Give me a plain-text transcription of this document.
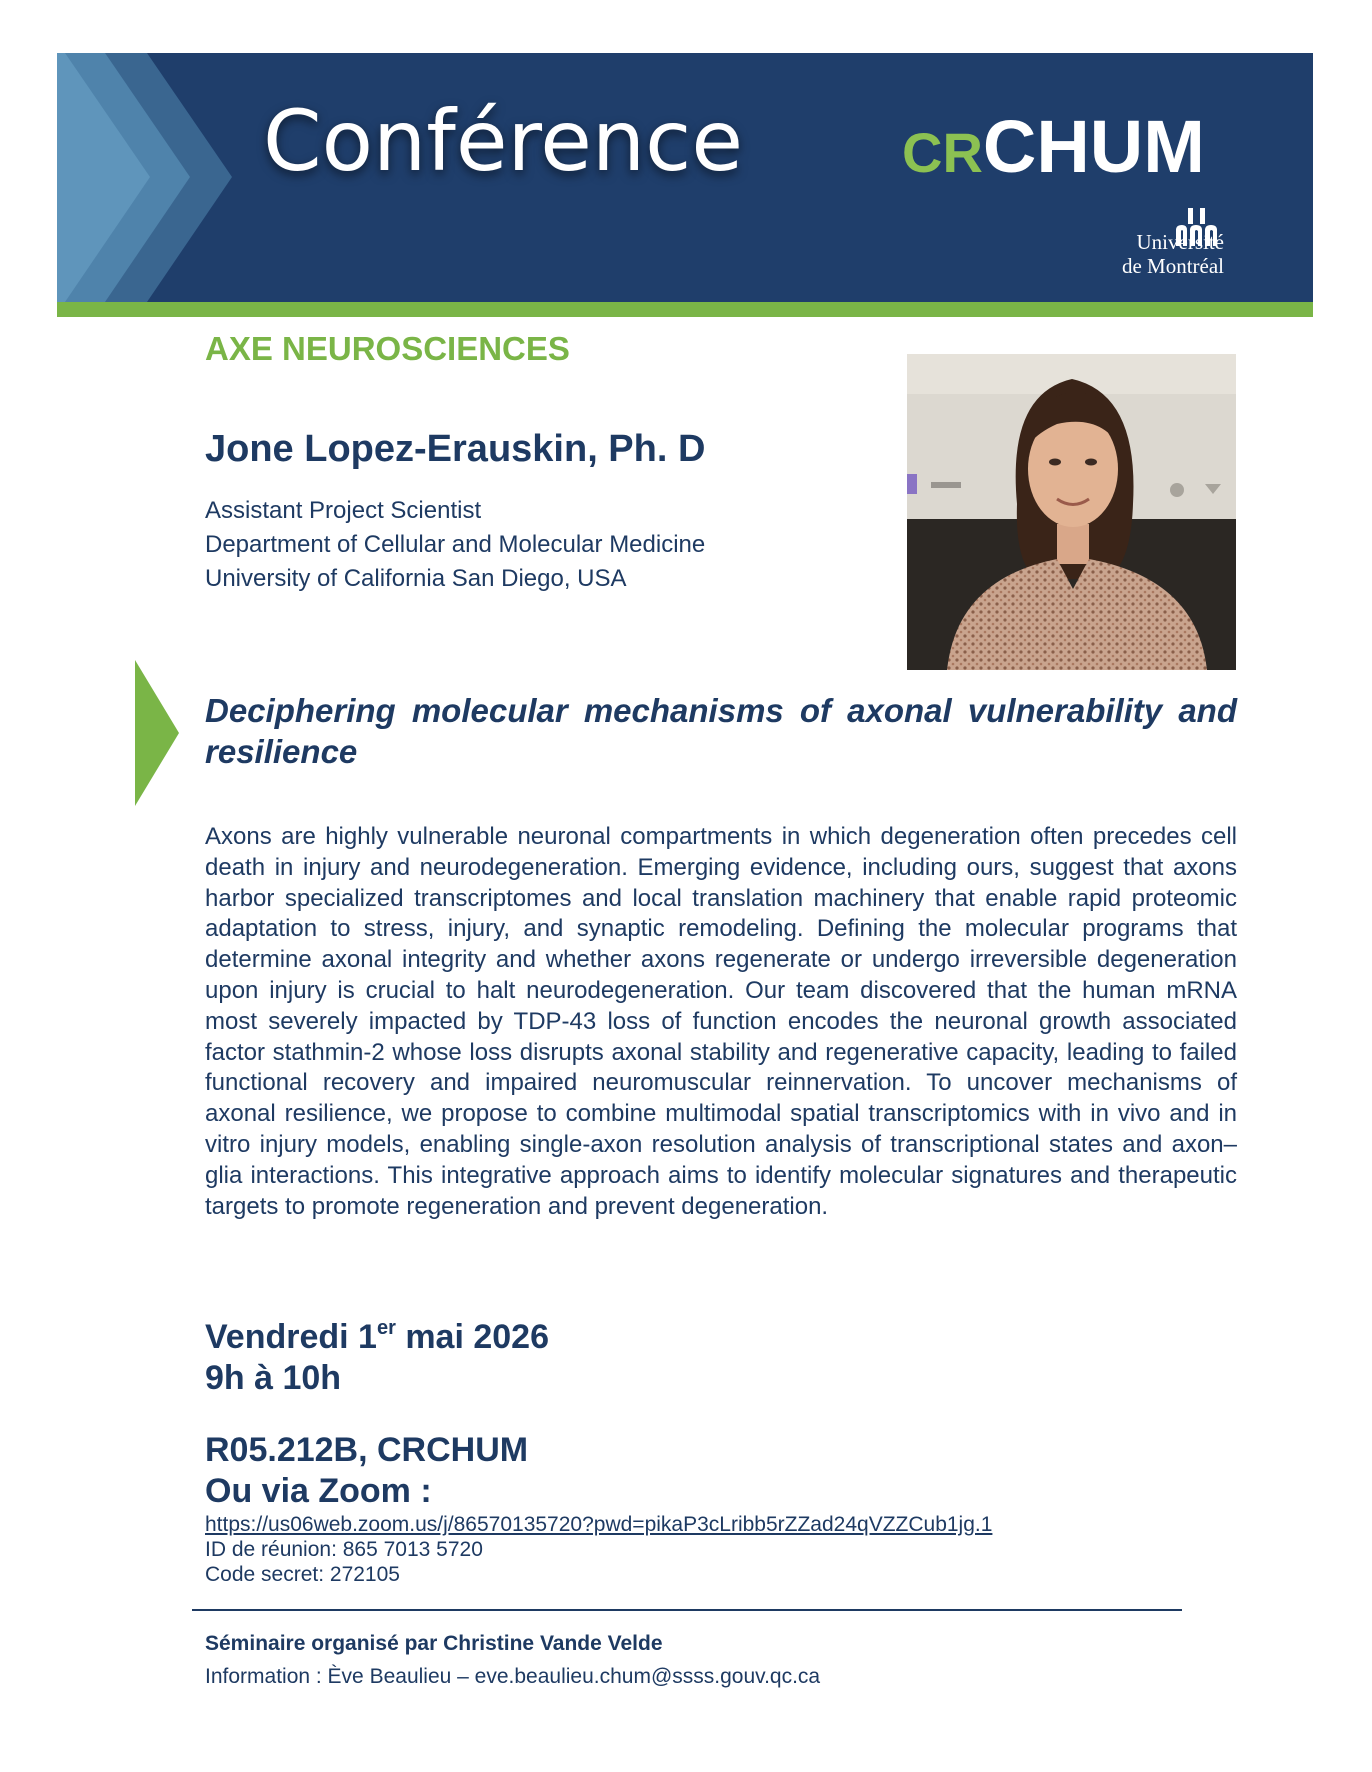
Conférence	CRCHUM
Université
de Montréal
AXE NEUROSCIENCES
Jone Lopez-Erauskin, Ph. D
Assistant Project Scientist
Department of Cellular and Molecular Medicine
University of California San Diego, USA
Deciphering molecular mechanisms of axonal vulnerability and resilience
Axons are highly vulnerable neuronal compartments in which degeneration often precedes cell death in injury and neurodegeneration. Emerging evidence, including ours, suggest that axons harbor specialized transcriptomes and local translation machinery that enable rapid proteomic adaptation to stress, injury, and synaptic remodeling. Defining the molecular programs that determine axonal integrity and whether axons regenerate or undergo irreversible degeneration upon injury is crucial to halt neurodegeneration. Our team discovered that the human mRNA most severely impacted by TDP-43 loss of function encodes the neuronal growth associated factor stathmin-2 whose loss disrupts axonal stability and regenerative capacity, leading to failed functional recovery and impaired neuromuscular reinnervation. To uncover mechanisms of axonal resilience, we propose to combine multimodal spatial transcriptomics with in vivo and in vitro injury models, enabling single-axon resolution analysis of transcriptional states and axon–glia interactions. This integrative approach aims to identify molecular signatures and therapeutic targets to promote regeneration and prevent degeneration.
Vendredi 1er mai 2026
9h à 10h
R05.212B, CRCHUM
Ou via Zoom :
https://us06web.zoom.us/j/86570135720?pwd=pikaP3cLribb5rZZad24qVZZCub1jg.1
ID de réunion: 865 7013 5720
Code secret: 272105
Séminaire organisé par Christine Vande Velde
Information : Ève Beaulieu – eve.beaulieu.chum@ssss.gouv.qc.ca
